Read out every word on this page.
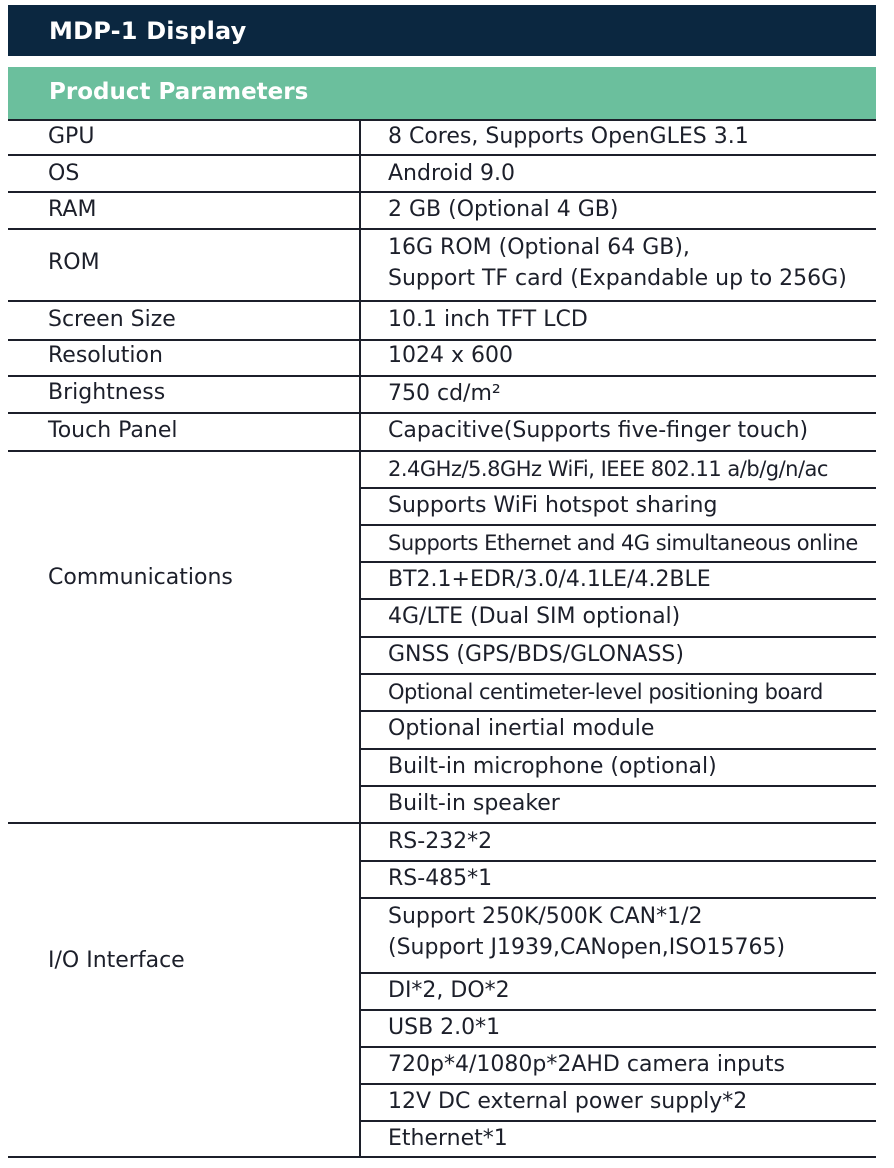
MDP-1 Display
Product Parameters
GPU
OS
RAM
ROM
Screen Size
Resolution
Brightness
Touch Panel
Communications
I/O Interface
8 Cores, Supports OpenGLES 3.1
Android 9.0
2 GB (Optional 4 GB)
16G ROM (Optional 64 GB),
Support TF card (Expandable up to 256G)
10.1 inch TFT LCD
1024 x 600
750 cd/m²
Capacitive(Supports five-finger touch)
2.4GHz/5.8GHz WiFi, IEEE 802.11 a/b/g/n/ac
Supports WiFi hotspot sharing
Supports Ethernet and 4G simultaneous online
BT2.1+EDR/3.0/4.1LE/4.2BLE
4G/LTE (Dual SIM optional)
GNSS (GPS/BDS/GLONASS)
Optional centimeter-level positioning board
Optional inertial module
Built-in microphone (optional)
Built-in speaker
RS-232*2
RS-485*1
Support 250K/500K CAN*1/2
(Support J1939,CANopen,ISO15765)
DI*2, DO*2
USB 2.0*1
720p*4/1080p*2AHD camera inputs
12V DC external power supply*2
Ethernet*1
